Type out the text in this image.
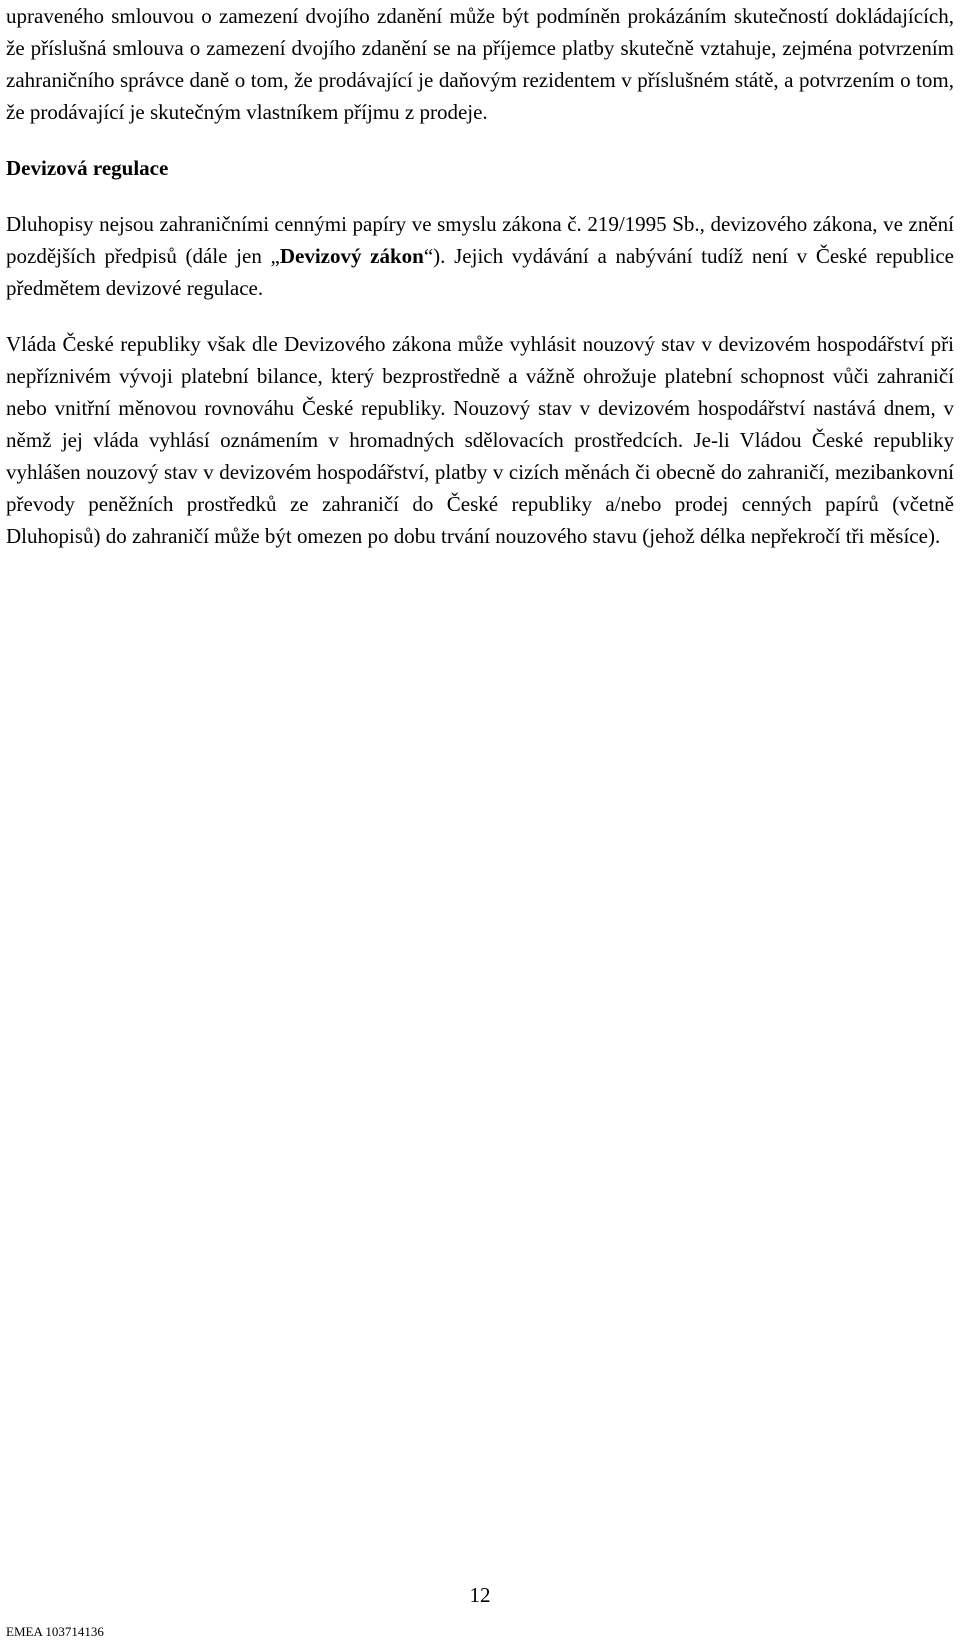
upraveného smlouvou o zamezení dvojího zdanění může být podmíněn prokázáním skutečností dokládajících, že příslušná smlouva o zamezení dvojího zdanění se na příjemce platby skutečně vztahuje, zejména potvrzením zahraničního správce daně o tom, že prodávající je daňovým rezidentem v příslušném státě, a potvrzením o tom, že prodávající je skutečným vlastníkem příjmu z prodeje.

Devizová regulace

Dluhopisy nejsou zahraničními cennými papíry ve smyslu zákona č. 219/1995 Sb., devizového zákona, ve znění pozdějších předpisů (dále jen „Devizový zákon“). Jejich vydávání a nabývání tudíž není v České republice předmětem devizové regulace.

Vláda České republiky však dle Devizového zákona může vyhlásit nouzový stav v devizovém hospodářství při nepříznivém vývoji platební bilance, který bezprostředně a vážně ohrožuje platební schopnost vůči zahraničí nebo vnitřní měnovou rovnováhu České republiky. Nouzový stav v devizovém hospodářství nastává dnem, v němž jej vláda vyhlásí oznámením v hromadných sdělovacích prostředcích. Je-li Vládou České republiky vyhlášen nouzový stav v devizovém hospodářství, platby v cizích měnách či obecně do zahraničí, mezibankovní převody peněžních prostředků ze zahraničí do České republiky a/nebo prodej cenných papírů (včetně Dluhopisů) do zahraničí může být omezen po dobu trvání nouzového stavu (jehož délka nepřekročí tři měsíce).

12
EMEA 103714136
